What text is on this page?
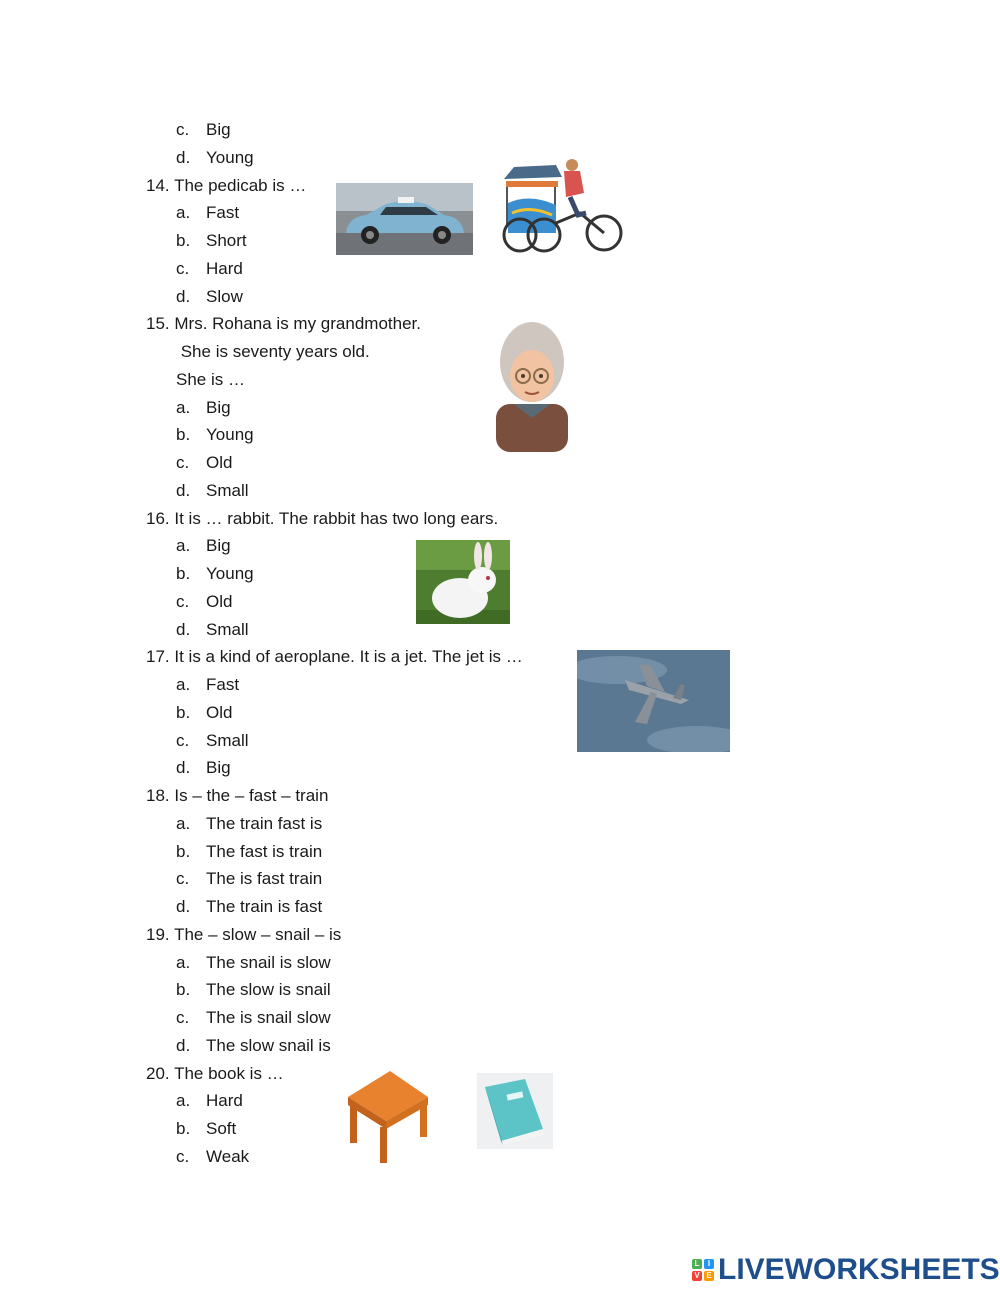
c. Big
d. Young
14. The pedicab is …
a. Fast
b. Short
c. Hard
d. Slow
15. Mrs. Rohana is my grandmother.
She is seventy years old.
She is …
a. Big
b. Young
c. Old
d. Small
16. It is … rabbit. The rabbit has two long ears.
a. Big
b. Young
c. Old
d. Small
17. It is a kind of aeroplane. It is a jet. The jet is …
a. Fast
b. Old
c. Small
d. Big
18. Is – the – fast – train
a. The train fast is
b. The fast is train
c. The is fast train
d. The train is fast
19. The – slow – snail – is
a. The snail is slow
b. The slow is snail
c. The is snail slow
d. The slow snail is
20. The book is …
a. Hard
b. Soft
c. Weak
L	I
V E LIVEWORKSHEETS
